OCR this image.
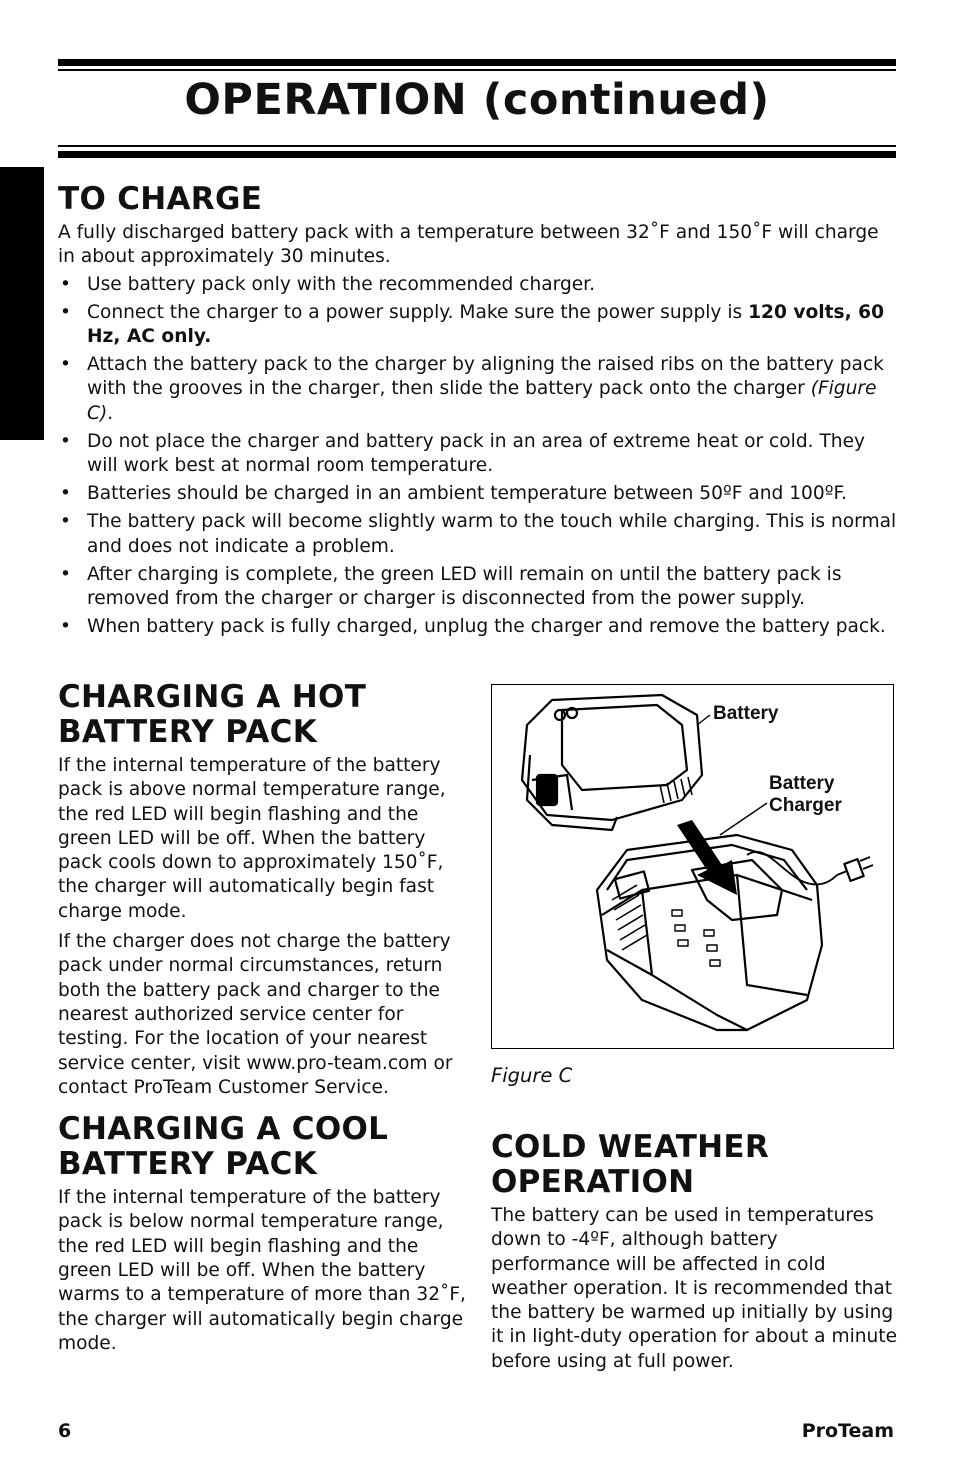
OPERATION (continued)
TO CHARGE

A fully discharged battery pack with a temperature between 32˚F and 150˚F will charge in about approximately 30 minutes.

• Use battery pack only with the recommended charger.
• Connect the charger to a power supply. Make sure the power supply is 120 volts, 60 Hz, AC only.
• Attach the battery pack to the charger by aligning the raised ribs on the battery pack with the grooves in the charger, then slide the battery pack onto the charger (Figure C).
• Do not place the charger and battery pack in an area of extreme heat or cold. They will work best at normal room temperature.
• Batteries should be charged in an ambient temperature between 50ºF and 100ºF.
• The battery pack will become slightly warm to the touch while charging. This is normal and does not indicate a problem.
• After charging is complete, the green LED will remain on until the battery pack is removed from the charger or charger is disconnected from the power supply.
• When battery pack is fully charged, unplug the charger and remove the battery pack.
CHARGING A HOT
BATTERY PACK

If the internal temperature of the battery pack is above normal temperature range, the red LED will begin flashing and the green LED will be off. When the battery pack cools down to approximately 150˚F, the charger will automatically begin fast charge mode.

If the charger does not charge the battery pack under normal circumstances, return both the battery pack and charger to the nearest authorized service center for testing. For the location of your nearest service center, visit www.pro-team.com or contact ProTeam Customer Service.

CHARGING A COOL
BATTERY PACK

If the internal temperature of the battery pack is below normal temperature range, the red LED will begin flashing and the green LED will be off. When the battery warms to a temperature of more than 32˚F, the charger will automatically begin charge mode.

Battery
Battery
Charger
Figure C
COLD WEATHER
OPERATION

The battery can be used in temperatures down to -4ºF, although battery performance will be affected in cold weather operation. It is recommended that the battery be warmed up initially by using it in light-duty operation for about a minute before using at full power.

6	ProTeam
